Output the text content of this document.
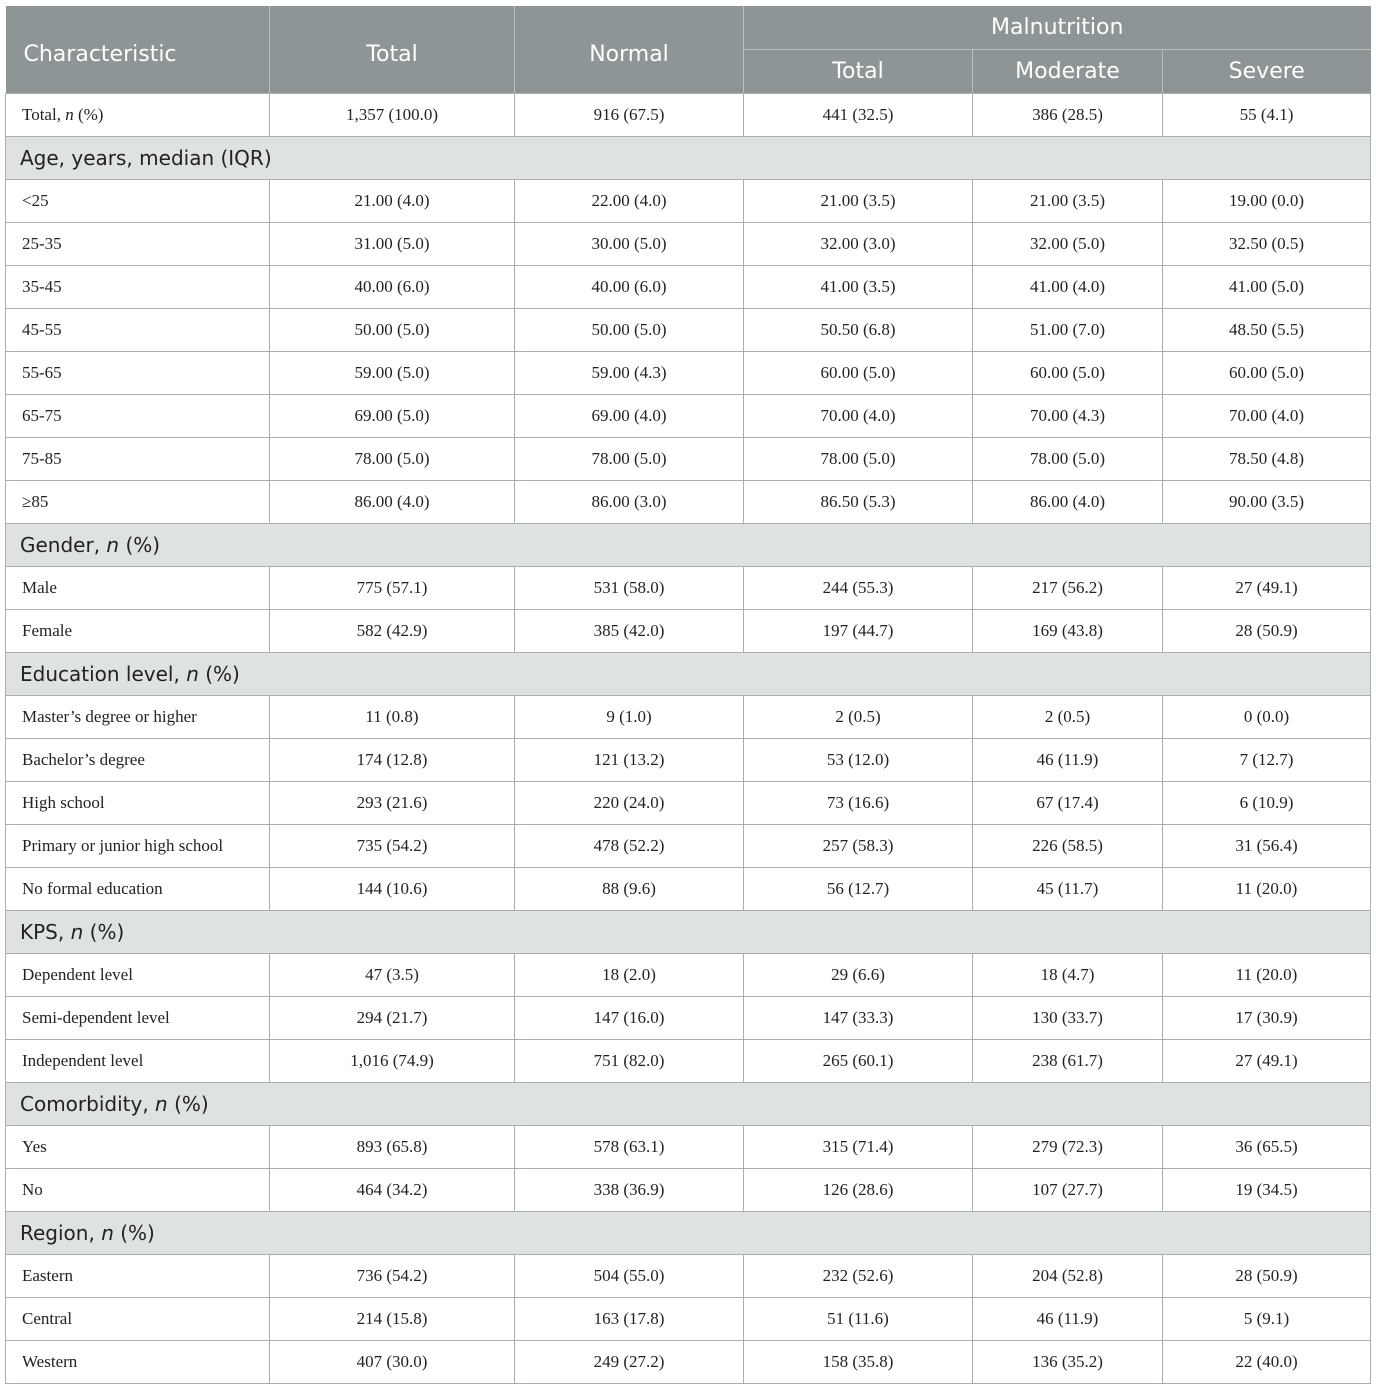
Characteristic	Total	Normal	Malnutrition		
			Total	Moderate	Severe
Total, n (%)	1,357 (100.0)	916 (67.5)	441 (32.5)	386 (28.5)	55 (4.1)
Age, years, median (IQR)					
<25	21.00 (4.0)	22.00 (4.0)	21.00 (3.5)	21.00 (3.5)	19.00 (0.0)
25-35	31.00 (5.0)	30.00 (5.0)	32.00 (3.0)	32.00 (5.0)	32.50 (0.5)
35-45	40.00 (6.0)	40.00 (6.0)	41.00 (3.5)	41.00 (4.0)	41.00 (5.0)
45-55	50.00 (5.0)	50.00 (5.0)	50.50 (6.8)	51.00 (7.0)	48.50 (5.5)
55-65	59.00 (5.0)	59.00 (4.3)	60.00 (5.0)	60.00 (5.0)	60.00 (5.0)
65-75	69.00 (5.0)	69.00 (4.0)	70.00 (4.0)	70.00 (4.3)	70.00 (4.0)
75-85	78.00 (5.0)	78.00 (5.0)	78.00 (5.0)	78.00 (5.0)	78.50 (4.8)
≥85	86.00 (4.0)	86.00 (3.0)	86.50 (5.3)	86.00 (4.0)	90.00 (3.5)
Gender, n (%)					
Male	775 (57.1)	531 (58.0)	244 (55.3)	217 (56.2)	27 (49.1)
Female	582 (42.9)	385 (42.0)	197 (44.7)	169 (43.8)	28 (50.9)
Education level, n (%)					
Master’s degree or higher	11 (0.8)	9 (1.0)	2 (0.5)	2 (0.5)	0 (0.0)
Bachelor’s degree	174 (12.8)	121 (13.2)	53 (12.0)	46 (11.9)	7 (12.7)
High school	293 (21.6)	220 (24.0)	73 (16.6)	67 (17.4)	6 (10.9)
Primary or junior high school	735 (54.2)	478 (52.2)	257 (58.3)	226 (58.5)	31 (56.4)
No formal education	144 (10.6)	88 (9.6)	56 (12.7)	45 (11.7)	11 (20.0)
KPS, n (%)					
Dependent level	47 (3.5)	18 (2.0)	29 (6.6)	18 (4.7)	11 (20.0)
Semi-dependent level	294 (21.7)	147 (16.0)	147 (33.3)	130 (33.7)	17 (30.9)
Independent level	1,016 (74.9)	751 (82.0)	265 (60.1)	238 (61.7)	27 (49.1)
Comorbidity, n (%)					
Yes	893 (65.8)	578 (63.1)	315 (71.4)	279 (72.3)	36 (65.5)
No	464 (34.2)	338 (36.9)	126 (28.6)	107 (27.7)	19 (34.5)
Region, n (%)					
Eastern	736 (54.2)	504 (55.0)	232 (52.6)	204 (52.8)	28 (50.9)
Central	214 (15.8)	163 (17.8)	51 (11.6)	46 (11.9)	5 (9.1)
Western	407 (30.0)	249 (27.2)	158 (35.8)	136 (35.2)	22 (40.0)
